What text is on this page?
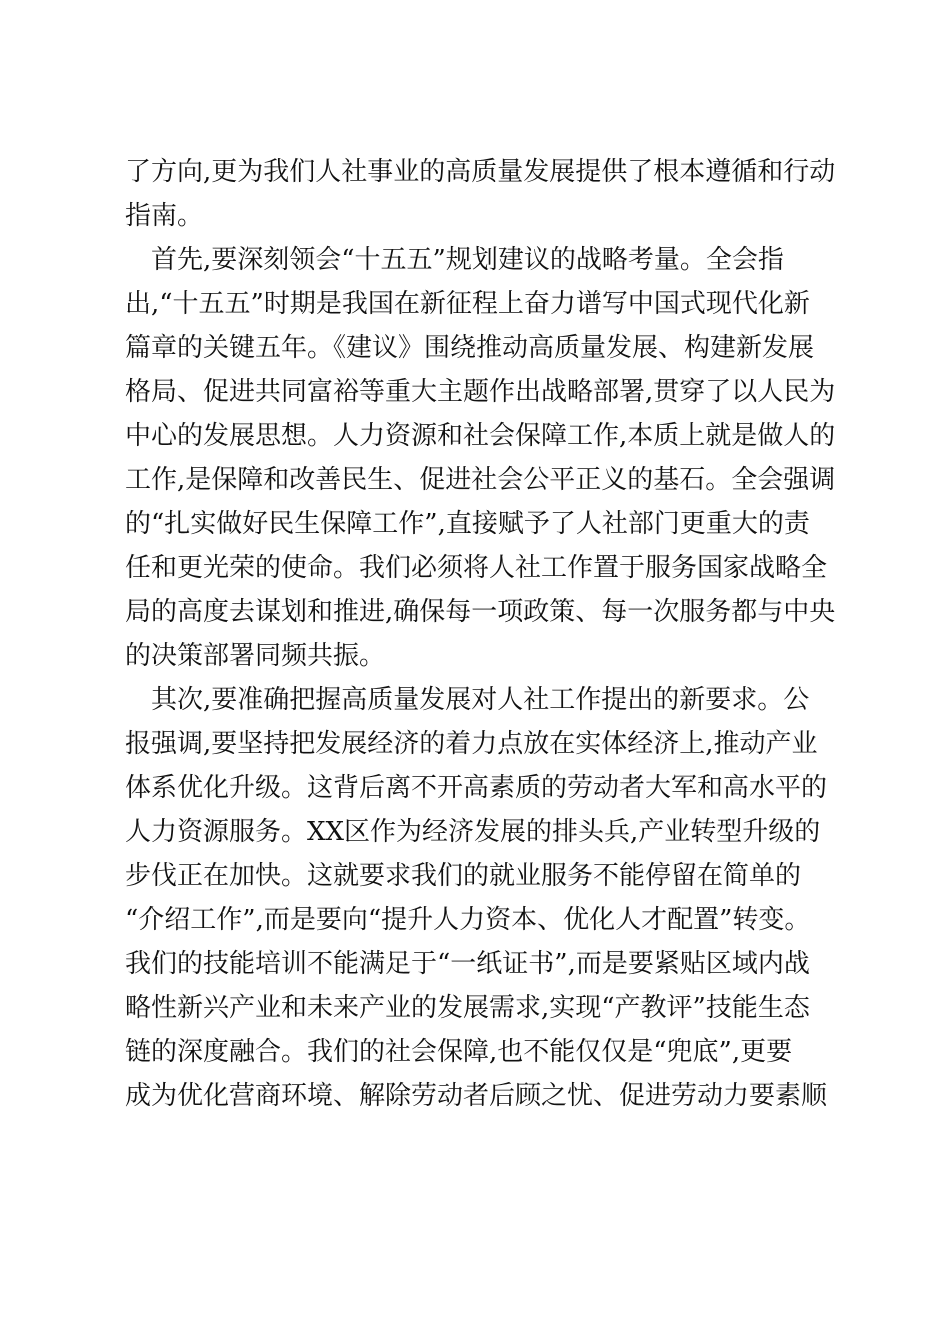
了方向,更为我们人社事业的高质量发展提供了根本遵循和行动
指南。
　首先,要深刻领会“十五五”规划建议的战略考量。全会指
出,“十五五”时期是我国在新征程上奋力谱写中国式现代化新
篇章的关键五年。《建议》围绕推动高质量发展、构建新发展
格局、促进共同富裕等重大主题作出战略部署,贯穿了以人民为
中心的发展思想。人力资源和社会保障工作,本质上就是做人的
工作,是保障和改善民生、促进社会公平正义的基石。全会强调
的“扎实做好民生保障工作”,直接赋予了人社部门更重大的责
任和更光荣的使命。我们必须将人社工作置于服务国家战略全
局的高度去谋划和推进,确保每一项政策、每一次服务都与中央
的决策部署同频共振。
　其次,要准确把握高质量发展对人社工作提出的新要求。公
报强调,要坚持把发展经济的着力点放在实体经济上,推动产业
体系优化升级。这背后离不开高素质的劳动者大军和高水平的
人力资源服务。XX区作为经济发展的排头兵,产业转型升级的
步伐正在加快。这就要求我们的就业服务不能停留在简单的
“介绍工作”,而是要向“提升人力资本、优化人才配置”转变。
我们的技能培训不能满足于“一纸证书”,而是要紧贴区域内战
略性新兴产业和未来产业的发展需求,实现“产教评”技能生态
链的深度融合。我们的社会保障,也不能仅仅是“兜底”,更要
成为优化营商环境、解除劳动者后顾之忧、促进劳动力要素顺
